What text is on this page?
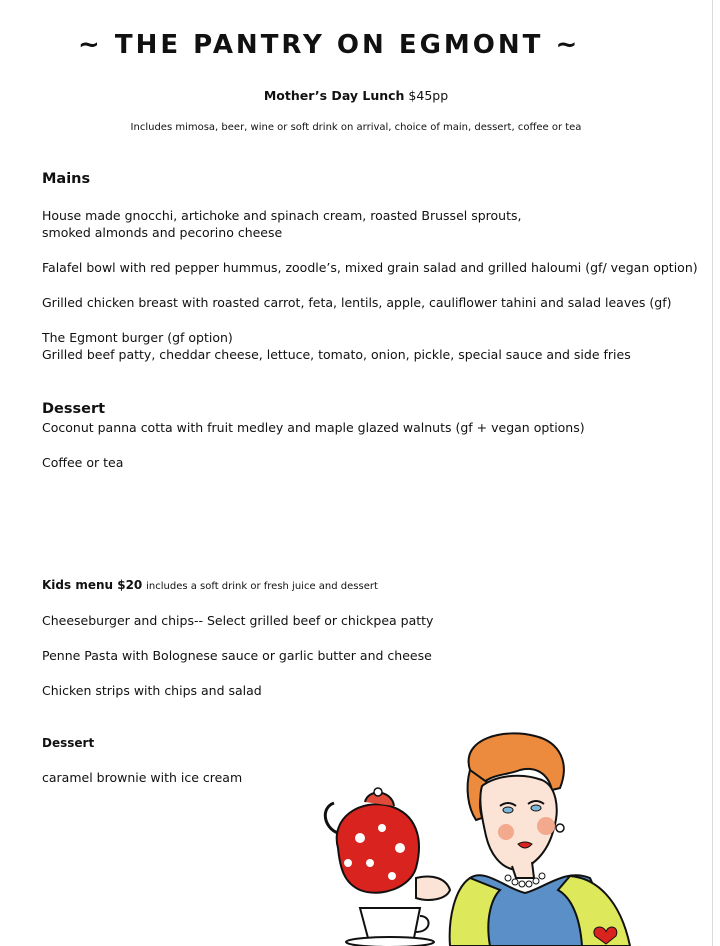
~ THE PANTRY ON EGMONT ~
Mother’s Day Lunch $45pp
Includes mimosa, beer, wine or soft drink on arrival, choice of main, dessert, coffee or tea
Mains
House made gnocchi, artichoke and spinach cream, roasted Brussel sprouts,
smoked almonds and pecorino cheese
Falafel bowl with red pepper hummus, zoodle’s, mixed grain salad and grilled haloumi (gf/ vegan option)
Grilled chicken breast with roasted carrot, feta, lentils, apple, cauliflower tahini and salad leaves (gf)
The Egmont burger (gf option)
Grilled beef patty, cheddar cheese, lettuce, tomato, onion, pickle, special sauce and side fries
Dessert
Coconut panna cotta with fruit medley and maple glazed walnuts (gf + vegan options)
Coffee or tea
Kids menu $20 includes a soft drink or fresh juice and dessert
Cheeseburger and chips-- Select grilled beef or chickpea patty
Penne Pasta with Bolognese sauce or garlic butter and cheese
Chicken strips with chips and salad
Dessert
caramel brownie with ice cream
